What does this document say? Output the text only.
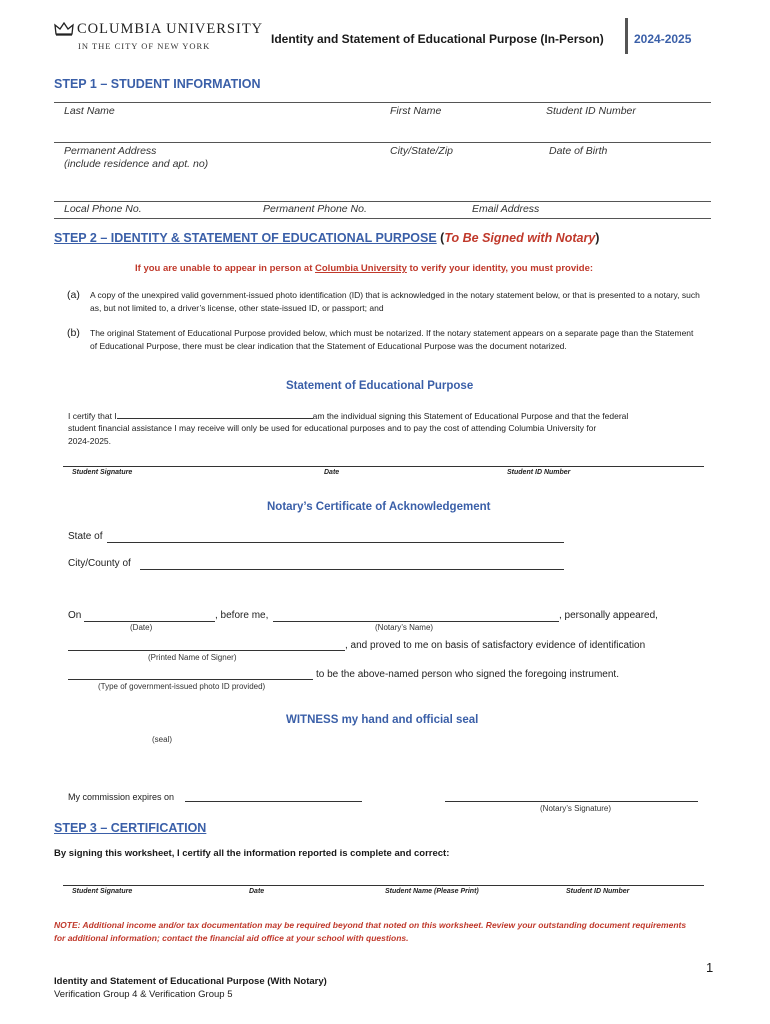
COLUMBIA UNIVERSITY
IN THE CITY OF NEW YORK	Identity and Statement of Educational Purpose (In-Person)	2024-2025
STEP 1 – STUDENT INFORMATION
Last Name	First Name	Student ID Number
Permanent Address
(include residence and apt. no)
City/State/Zip	Date of Birth
Local Phone No.	Permanent Phone No.	Email Address
STEP 2 – IDENTITY & STATEMENT OF EDUCATIONAL PURPOSE (To Be Signed with Notary)
If you are unable to appear in person at Columbia University to verify your identity, you must provide:
(a) A copy of the unexpired valid government-issued photo identification (ID) that is acknowledged in the notary statement below, or that is presented to a notary, such as, but not limited to, a driver’s license, other state-issued ID, or passport; and
(b) The original Statement of Educational Purpose provided below, which must be notarized. If the notary statement appears on a separate page than the Statement of Educational Purpose, there must be clear indication that the Statement of Educational Purpose was the document notarized.
Statement of Educational Purpose
I certify that I	am the individual signing this Statement of Educational Purpose and that the federal
student financial assistance I may receive will only be used for educational purposes and to pay the cost of attending Columbia University for
2024-2025.
Student Signature	Date	Student ID Number
Notary’s Certificate of Acknowledgement
State of
City/County of
On	, before me,	, personally appeared,
(Date)	(Notary’s Name)
, and proved to me on basis of satisfactory evidence of identification
(Printed Name of Signer)
to be the above-named person who signed the foregoing instrument.
(Type of government-issued photo ID provided)
WITNESS my hand and official seal
(seal)
My commission expires on
(Notary’s Signature)
STEP 3 – CERTIFICATION
By signing this worksheet, I certify all the information reported is complete and correct:
Student Signature	Date	Student Name (Please Print)	Student ID Number
NOTE: Additional income and/or tax documentation may be required beyond that noted on this worksheet. Review your outstanding document requirements for additional information; contact the financial aid office at your school with questions.
1
Identity and Statement of Educational Purpose (With Notary)
Verification Group 4 & Verification Group 5
